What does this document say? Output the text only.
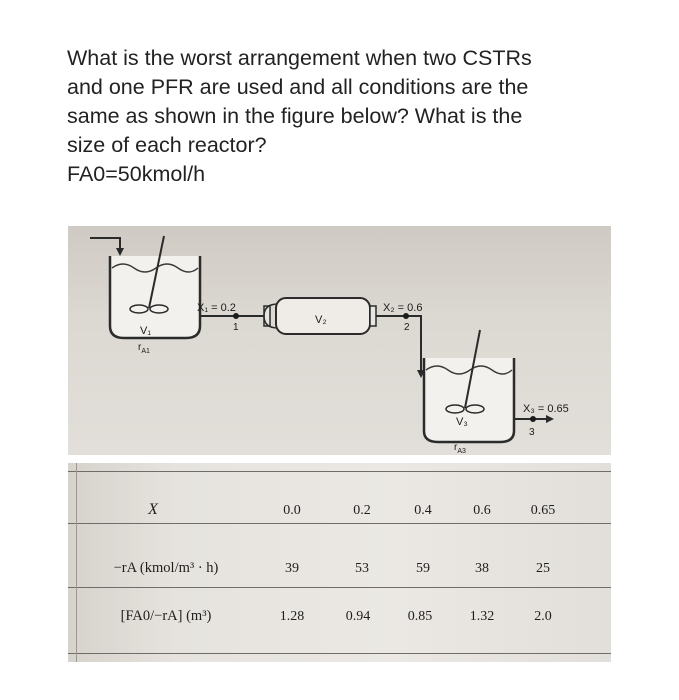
What is the worst arrangement when two CSTRs

and one PFR are used and all conditions are the

same as shown in the figure below? What is the

size of each reactor?

FA0=50kmol/h

V₁
$r_{A1}$
X₁ = 0.2
1
V₂
X₂ = 0.6
2
V₃
$r_{A3}$
X₃ = 0.65
3
X	0.0	0.2	0.4	0.6	0.65
−rA (kmol/m³ · h)	39	53	59	38	25
[FA0/−rA] (m³)	1.28	0.94	0.85	1.32	2.0
